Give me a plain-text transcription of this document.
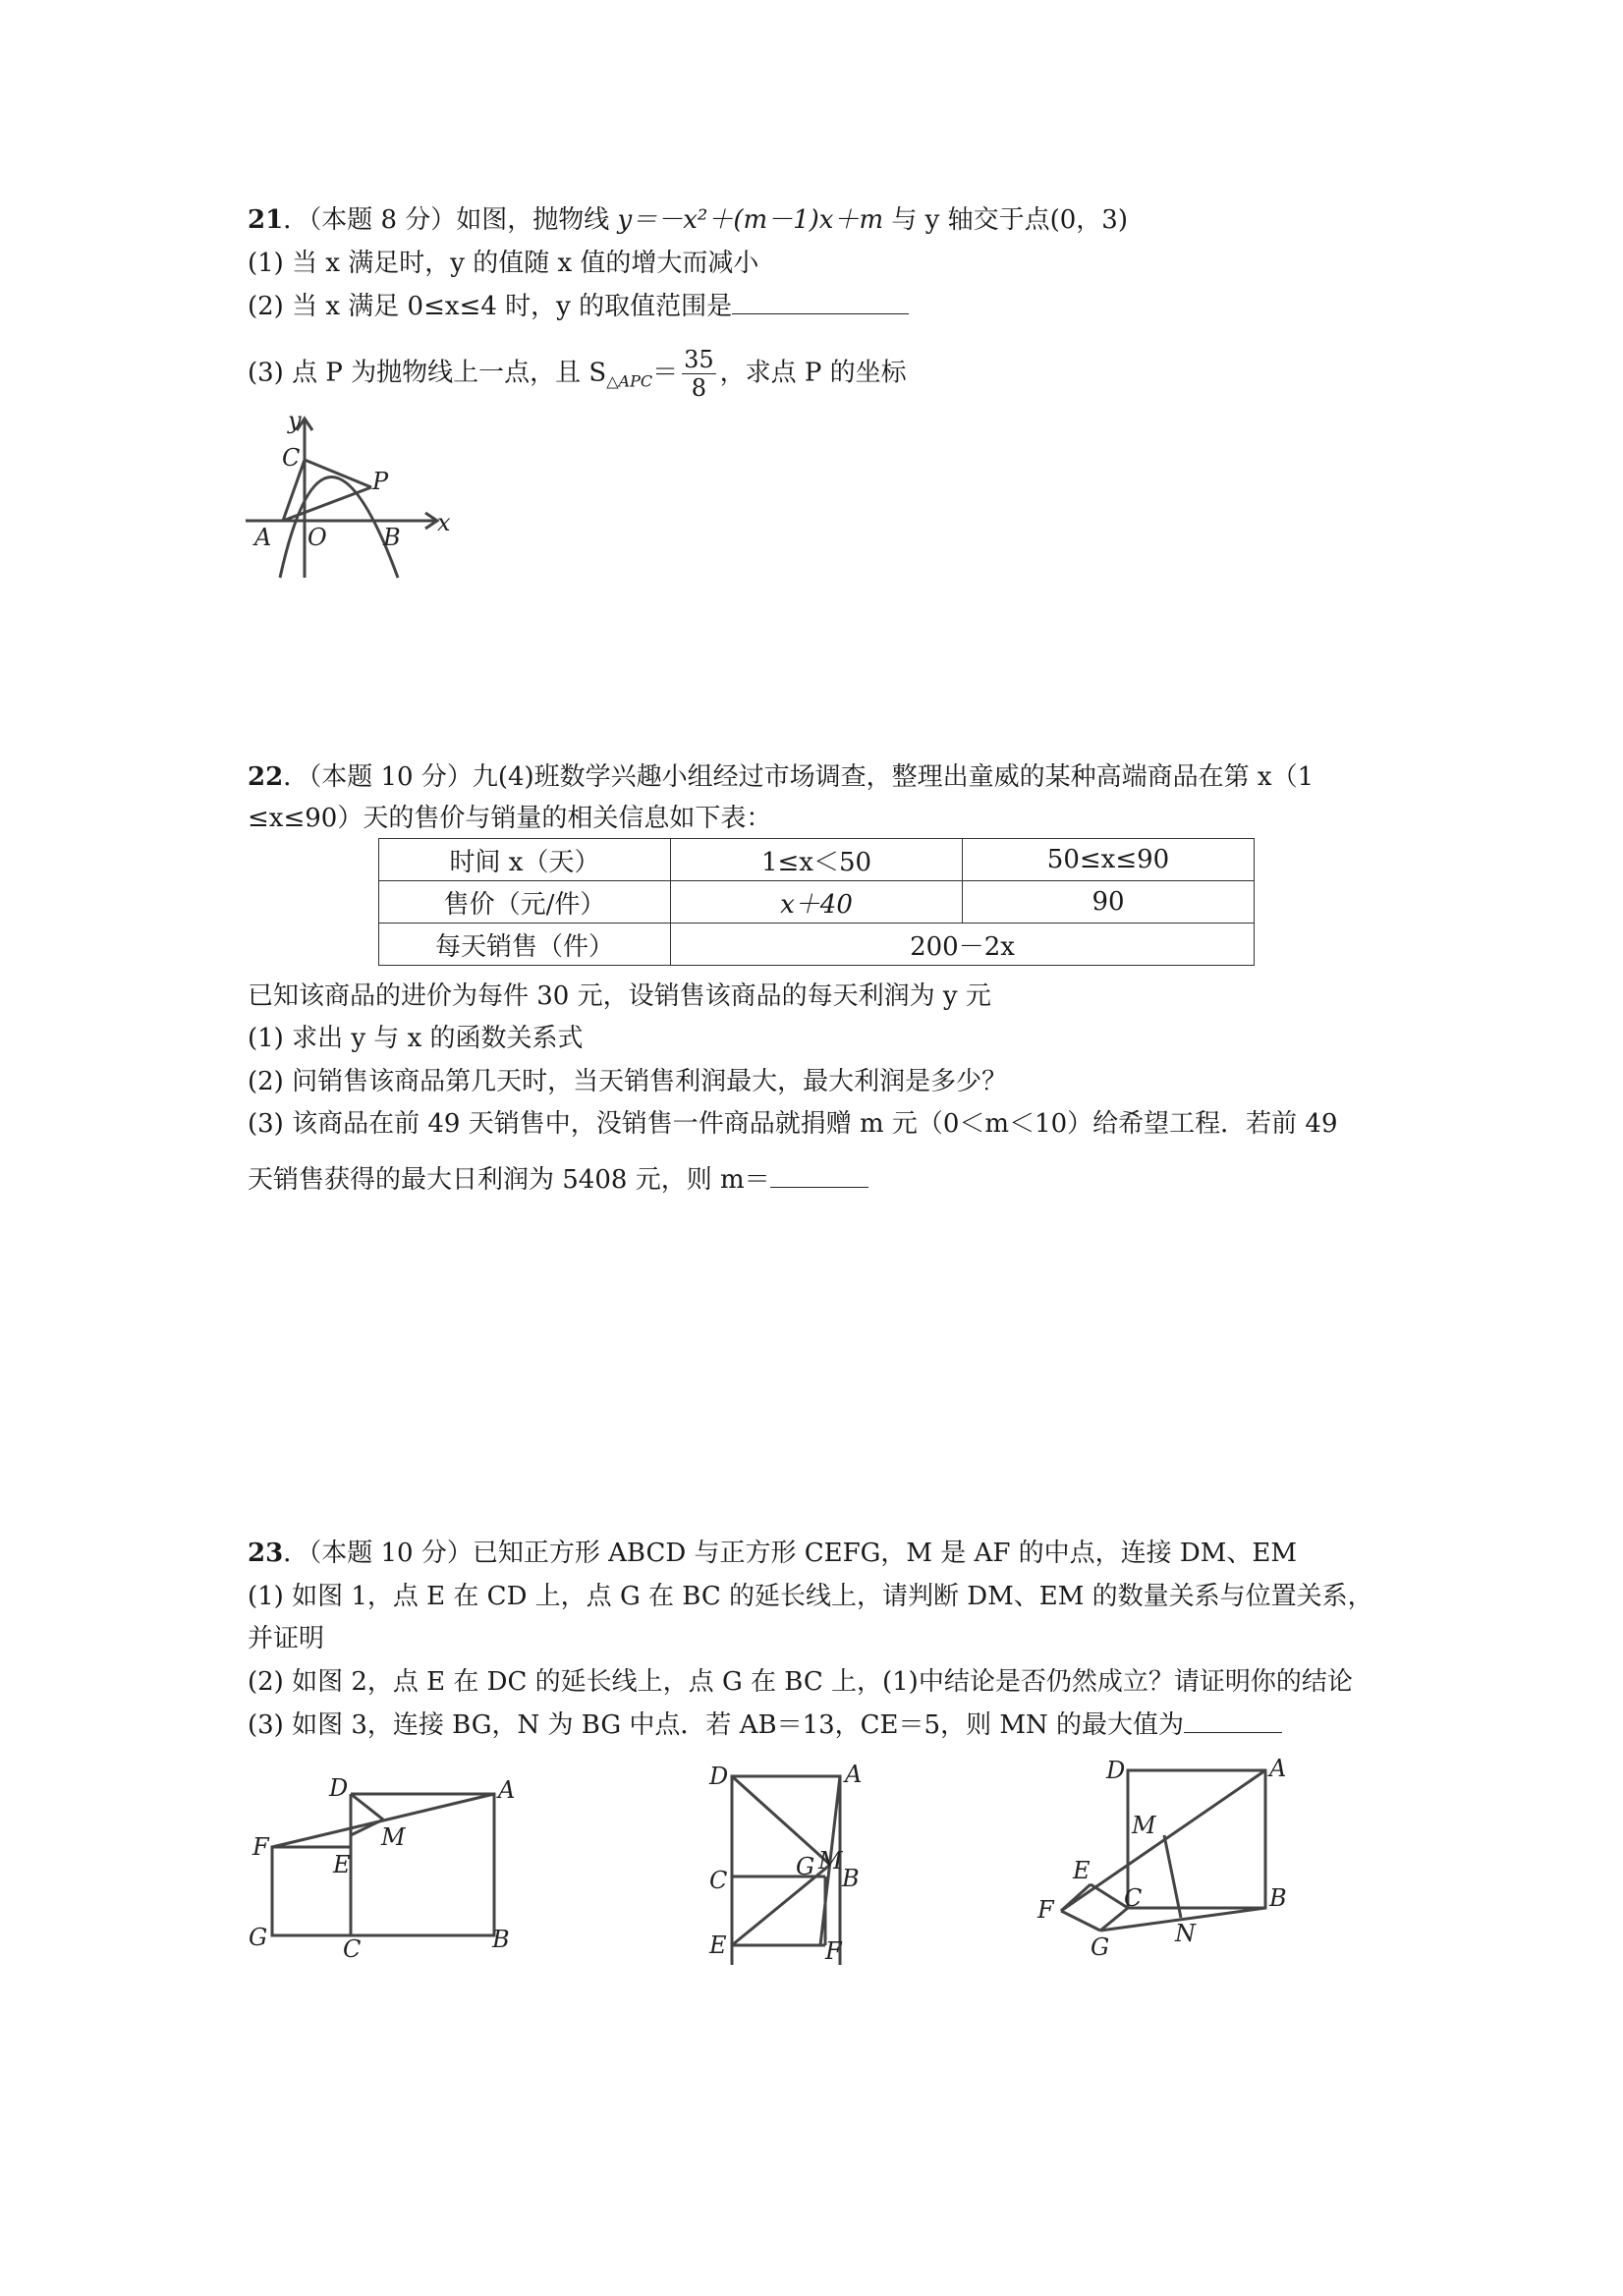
21．（本题 8 分）如图，抛物线 y＝－x²＋(m－1)x＋m 与 y 轴交于点(0，3)
(1) 当 x 满足时，y 的值随 x 值的增大而减小
(2) 当 x 满足 0≤x≤4 时，y 的取值范围是
(3) 点 P 为抛物线上一点，且 $S_{\triangle APC}= \frac{35}{8}$ ，求点 P 的坐标
y
x
C
P
A O B
22．（本题 10 分）九(4)班数学兴趣小组经过市场调查，整理出童威的某种高端商品在第 x（1
≤x≤90）天的售价与销量的相关信息如下表：
时间 x（天）	1≤x＜50	50≤x≤90
售价（元/件）	x＋40	90
每天销售（件）	200－2x	
已知该商品的进价为每件 30 元，设销售该商品的每天利润为 y 元
(1) 求出 y 与 x 的函数关系式
(2) 问销售该商品第几天时，当天销售利润最大，最大利润是多少？
(3) 该商品在前 49 天销售中，没销售一件商品就捐赠 m 元（0＜m＜10）给希望工程．若前 49
天销售获得的最大日利润为 5408 元，则 m＝
23．（本题 10 分）已知正方形 ABCD 与正方形 CEFG，M 是 AF 的中点，连接 DM、EM
(1) 如图 1，点 E 在 CD 上，点 G 在 BC 的延长线上，请判断 DM、EM 的数量关系与位置关系，
并证明
(2) 如图 2，点 E 在 DC 的延长线上，点 G 在 BC 上，(1)中结论是否仍然成立？请证明你的结论
(3) 如图 3，连接 BG，N 为 BG 中点．若 AB＝13，CE＝5，则 MN 的最大值为
D	A
M
F
E
G	C	B
D	A
G M
C	B
E	F
D	A
M
E
F	C
N
B
G
